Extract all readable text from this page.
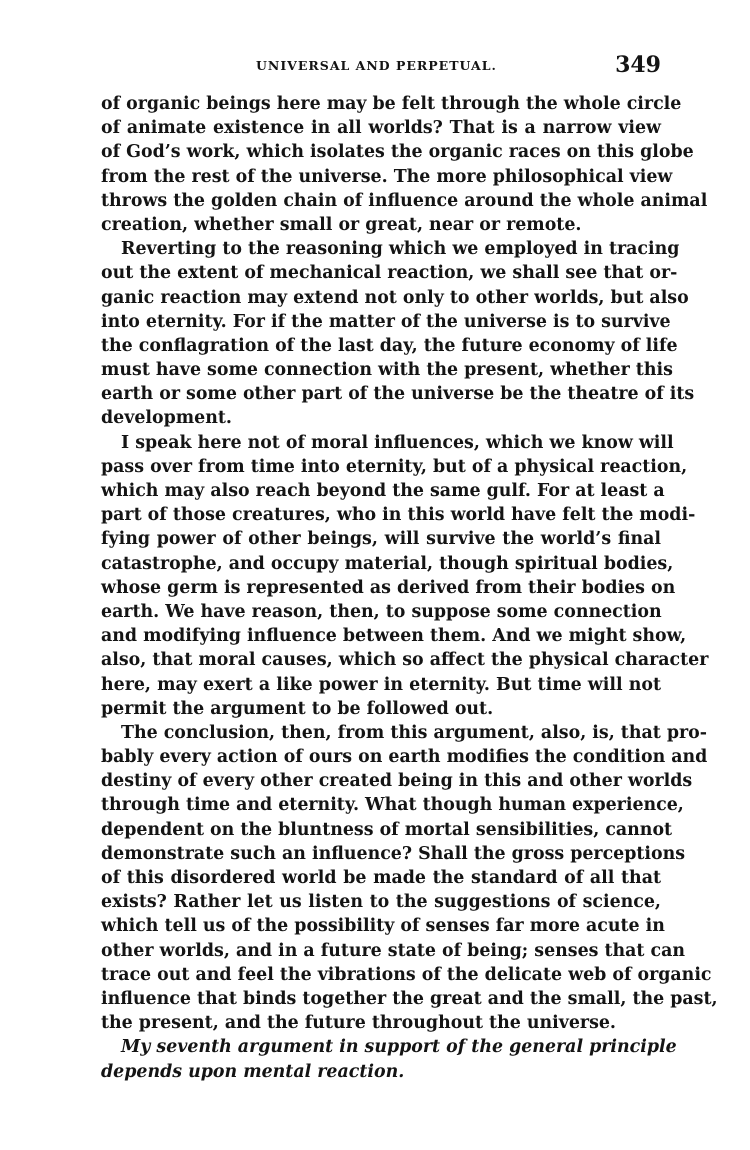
UNIVERSAL AND PERPETUAL.	349
of organic beings here may be felt through the whole circle
of animate existence in all worlds? That is a narrow view
of God’s work, which isolates the organic races on this globe
from the rest of the universe. The more philosophical view
throws the golden chain of influence around the whole animal
creation, whether small or great, near or remote.
Reverting to the reasoning which we employed in tracing
out the extent of mechanical reaction, we shall see that or-
ganic reaction may extend not only to other worlds, but also
into eternity. For if the matter of the universe is to survive
the conflagration of the last day, the future economy of life
must have some connection with the present, whether this
earth or some other part of the universe be the theatre of its
development.
I speak here not of moral influences, which we know will
pass over from time into eternity, but of a physical reaction,
which may also reach beyond the same gulf. For at least a
part of those creatures, who in this world have felt the modi-
fying power of other beings, will survive the world’s final
catastrophe, and occupy material, though spiritual bodies,
whose germ is represented as derived from their bodies on
earth. We have reason, then, to suppose some connection
and modifying influence between them. And we might show,
also, that moral causes, which so affect the physical character
here, may exert a like power in eternity. But time will not
permit the argument to be followed out.
The conclusion, then, from this argument, also, is, that pro-
bably every action of ours on earth modifies the condition and
destiny of every other created being in this and other worlds
through time and eternity. What though human experience,
dependent on the bluntness of mortal sensibilities, cannot
demonstrate such an influence? Shall the gross perceptions
of this disordered world be made the standard of all that
exists? Rather let us listen to the suggestions of science,
which tell us of the possibility of senses far more acute in
other worlds, and in a future state of being; senses that can
trace out and feel the vibrations of the delicate web of organic
influence that binds together the great and the small, the past,
the present, and the future throughout the universe.
My seventh argument in support of the general principle
depends upon mental reaction.
